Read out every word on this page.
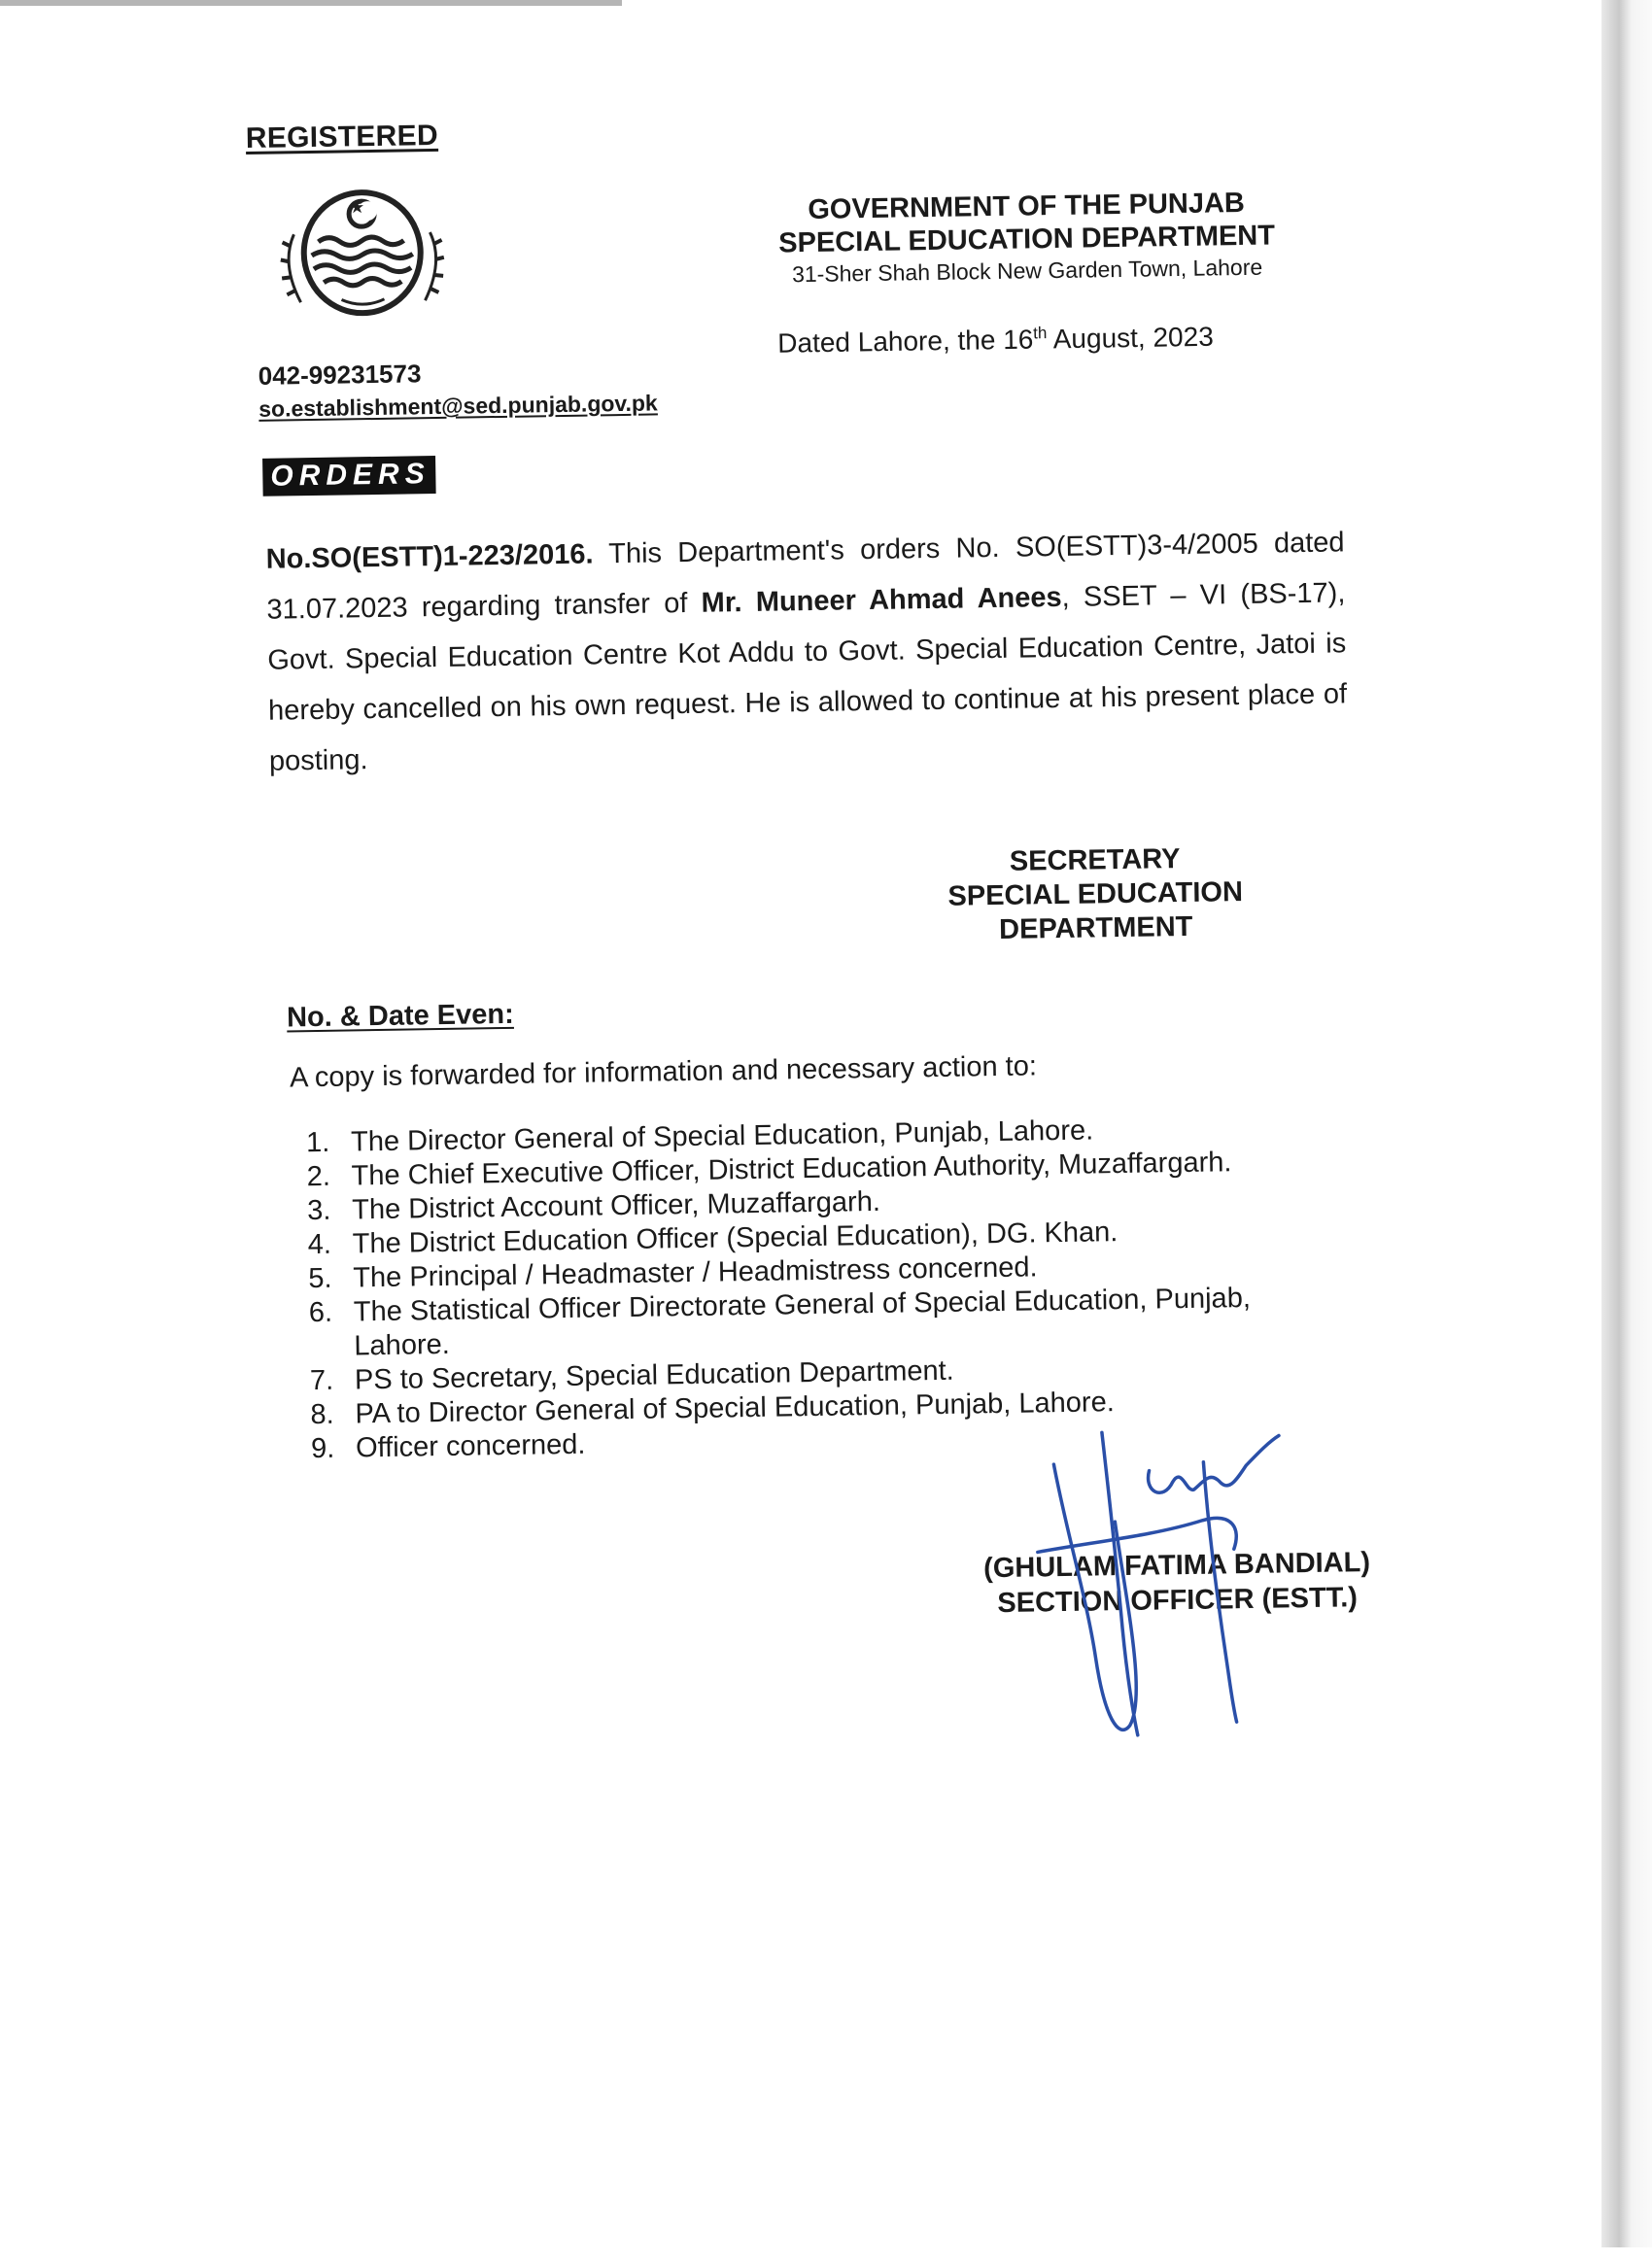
REGISTERED
042-99231573
so.establishment@sed.punjab.gov.pk
GOVERNMENT OF THE PUNJAB
SPECIAL EDUCATION DEPARTMENT
31-Sher Shah Block New Garden Town, Lahore
Dated Lahore, the 16th August, 2023
ORDERS
No.SO(ESTT)1-223/2016. This Department's orders No. SO(ESTT)3-4/2005 dated 31.07.2023 regarding transfer of Mr. Muneer Ahmad Anees, SSET – VI (BS-17), Govt. Special Education Centre Kot Addu to Govt. Special Education Centre, Jatoi is hereby cancelled on his own request. He is allowed to continue at his present place of posting.
SECRETARY
SPECIAL EDUCATION
DEPARTMENT
No. & Date Even:
A copy is forwarded for information and necessary action to:
1. The Director General of Special Education, Punjab, Lahore.
2. The Chief Executive Officer, District Education Authority, Muzaffargarh.
3. The District Account Officer, Muzaffargarh.
4. The District Education Officer (Special Education), DG. Khan.
5. The Principal / Headmaster / Headmistress concerned.
6. The Statistical Officer Directorate General of Special Education, Punjab, Lahore.
7. PS to Secretary, Special Education Department.
8. PA to Director General of Special Education, Punjab, Lahore.
9. Officer concerned.
(GHULAM FATIMA BANDIAL)
SECTION OFFICER (ESTT.)
